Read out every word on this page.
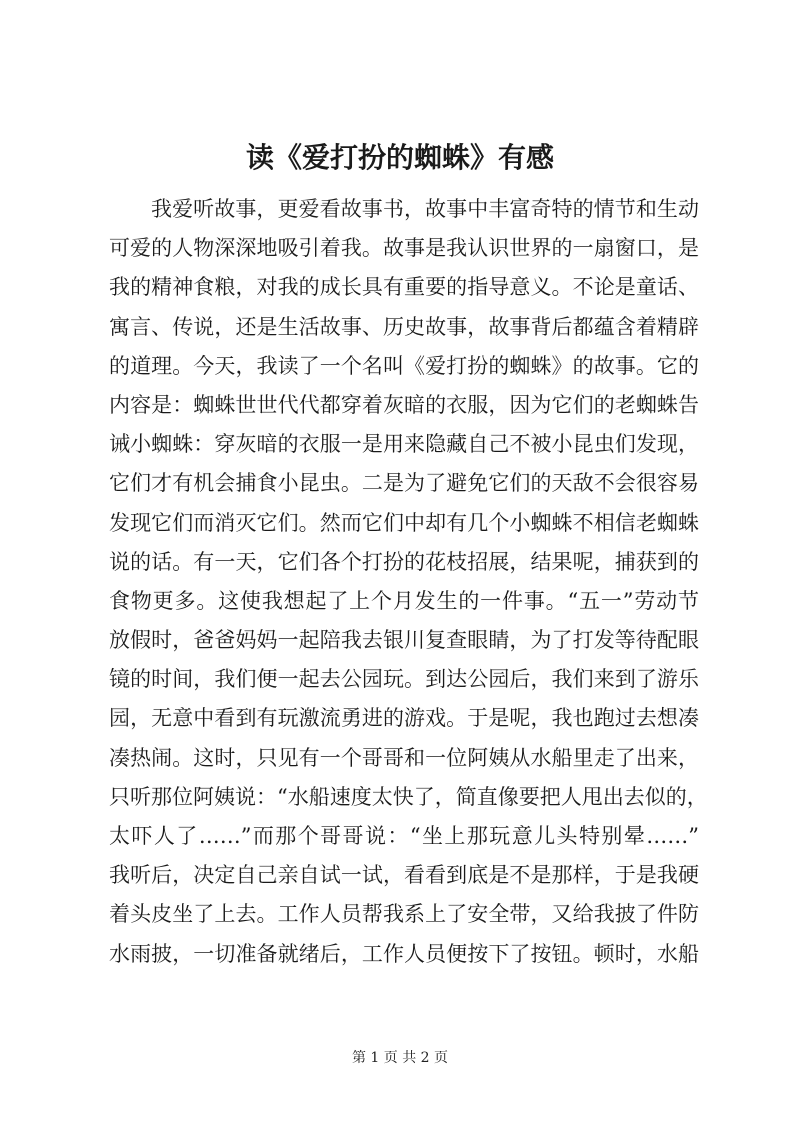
读《爱打扮的蜘蛛》有感
我爱听故事，更爱看故事书，故事中丰富奇特的情节和生动
可爱的人物深深地吸引着我。故事是我认识世界的一扇窗口，是
我的精神食粮，对我的成长具有重要的指导意义。不论是童话、
寓言、传说，还是生活故事、历史故事，故事背后都蕴含着精辟
的道理。今天，我读了一个名叫《爱打扮的蜘蛛》的故事。它的
内容是：蜘蛛世世代代都穿着灰暗的衣服，因为它们的老蜘蛛告
诫小蜘蛛：穿灰暗的衣服一是用来隐藏自己不被小昆虫们发现，
它们才有机会捕食小昆虫。二是为了避免它们的天敌不会很容易
发现它们而消灭它们。然而它们中却有几个小蜘蛛不相信老蜘蛛
说的话。有一天，它们各个打扮的花枝招展，结果呢，捕获到的
食物更多。这使我想起了上个月发生的一件事。“五一”劳动节
放假时，爸爸妈妈一起陪我去银川复查眼睛，为了打发等待配眼
镜的时间，我们便一起去公园玩。到达公园后，我们来到了游乐
园，无意中看到有玩激流勇进的游戏。于是呢，我也跑过去想凑
凑热闹。这时，只见有一个哥哥和一位阿姨从水船里走了出来，
只听那位阿姨说：“水船速度太快了，简直像要把人甩出去似的，
太吓人了……”而那个哥哥说：“坐上那玩意儿头特别晕……”
我听后，决定自己亲自试一试，看看到底是不是那样，于是我硬
着头皮坐了上去。工作人员帮我系上了安全带，又给我披了件防
水雨披，一切准备就绪后，工作人员便按下了按钮。顿时，水船
第 1 页 共 2 页
